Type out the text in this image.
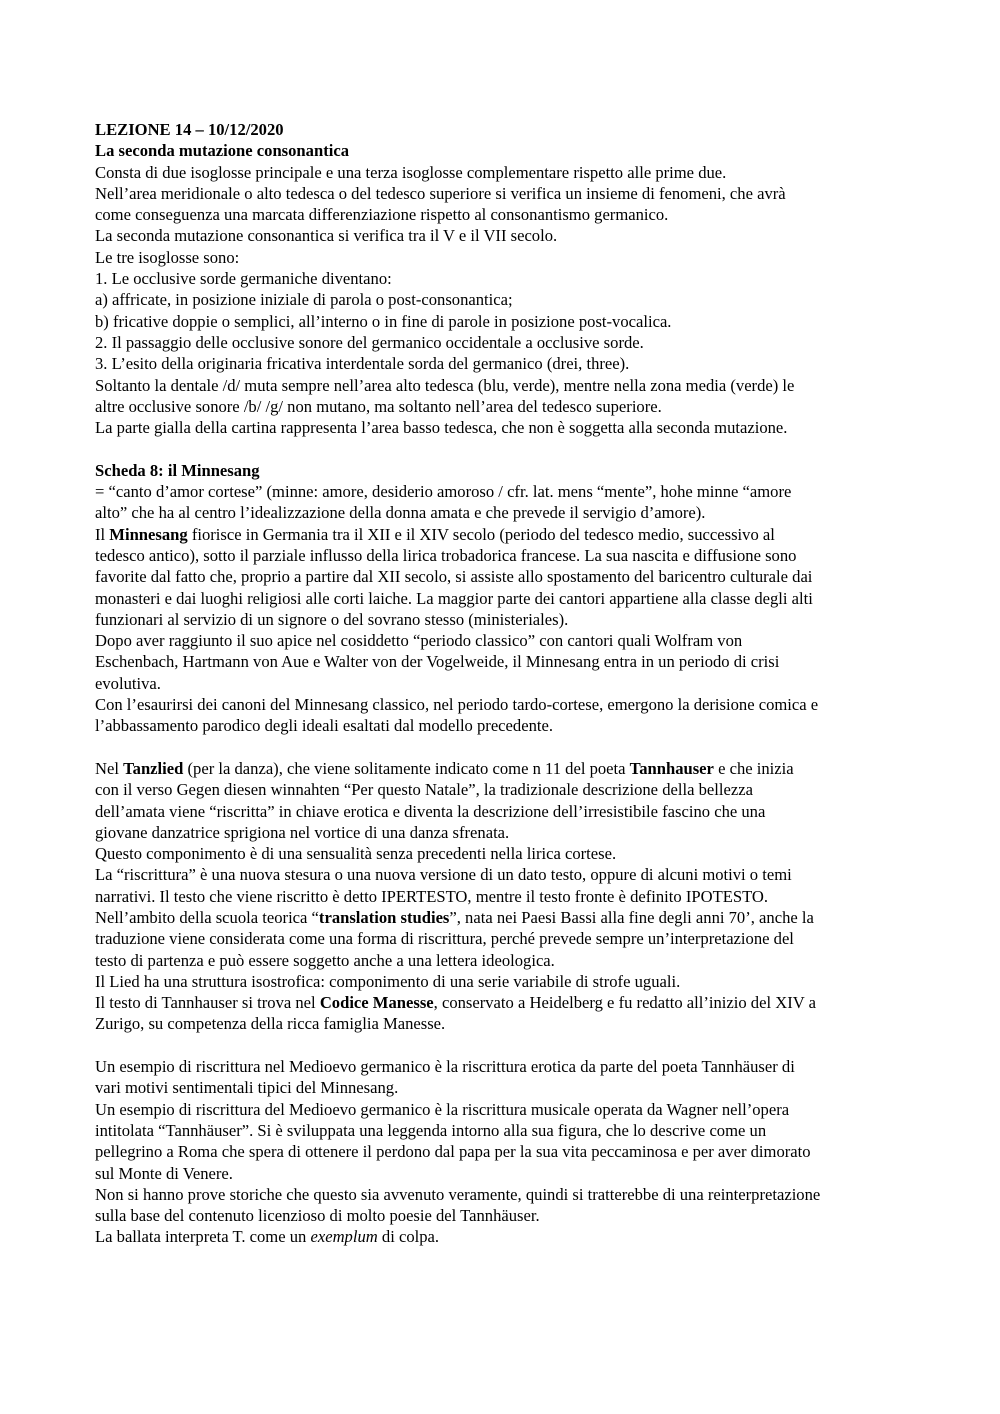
LEZIONE 14 – 10/12/2020
La seconda mutazione consonantica
Consta di due isoglosse principale e una terza isoglosse complementare rispetto alle prime due.
Nell’area meridionale o alto tedesca o del tedesco superiore si verifica un insieme di fenomeni, che avrà
come conseguenza una marcata differenziazione rispetto al consonantismo germanico.
La seconda mutazione consonantica si verifica tra il V e il VII secolo.
Le tre isoglosse sono:
1. Le occlusive sorde germaniche diventano:
a) affricate, in posizione iniziale di parola o post-consonantica;
b) fricative doppie o semplici, all’interno o in fine di parole in posizione post-vocalica.
2. Il passaggio delle occlusive sonore del germanico occidentale a occlusive sorde.
3. L’esito della originaria fricativa interdentale sorda del germanico (drei, three).
Soltanto la dentale /d/ muta sempre nell’area alto tedesca (blu, verde), mentre nella zona media (verde) le
altre occlusive sonore /b/ /g/ non mutano, ma soltanto nell’area del tedesco superiore.
La parte gialla della cartina rappresenta l’area basso tedesca, che non è soggetta alla seconda mutazione.
Scheda 8: il Minnesang
= “canto d’amor cortese” (minne: amore, desiderio amoroso / cfr. lat. mens “mente”, hohe minne “amore
alto” che ha al centro l’idealizzazione della donna amata e che prevede il servigio d’amore).
Il Minnesang fiorisce in Germania tra il XII e il XIV secolo (periodo del tedesco medio, successivo al
tedesco antico), sotto il parziale influsso della lirica trobadorica francese. La sua nascita e diffusione sono
favorite dal fatto che, proprio a partire dal XII secolo, si assiste allo spostamento del baricentro culturale dai
monasteri e dai luoghi religiosi alle corti laiche. La maggior parte dei cantori appartiene alla classe degli alti
funzionari al servizio di un signore o del sovrano stesso (ministeriales).
Dopo aver raggiunto il suo apice nel cosiddetto “periodo classico” con cantori quali Wolfram von
Eschenbach, Hartmann von Aue e Walter von der Vogelweide, il Minnesang entra in un periodo di crisi
evolutiva.
Con l’esaurirsi dei canoni del Minnesang classico, nel periodo tardo-cortese, emergono la derisione comica e
l’abbassamento parodico degli ideali esaltati dal modello precedente.
Nel Tanzlied (per la danza), che viene solitamente indicato come n 11 del poeta Tannhauser e che inizia
con il verso Gegen diesen winnahten “Per questo Natale”, la tradizionale descrizione della bellezza
dell’amata viene “riscritta” in chiave erotica e diventa la descrizione dell’irresistibile fascino che una
giovane danzatrice sprigiona nel vortice di una danza sfrenata.
Questo componimento è di una sensualità senza precedenti nella lirica cortese.
La “riscrittura” è una nuova stesura o una nuova versione di un dato testo, oppure di alcuni motivi o temi
narrativi. Il testo che viene riscritto è detto IPERTESTO, mentre il testo fronte è definito IPOTESTO.
Nell’ambito della scuola teorica “translation studies”, nata nei Paesi Bassi alla fine degli anni 70’, anche la
traduzione viene considerata come una forma di riscrittura, perché prevede sempre un’interpretazione del
testo di partenza e può essere soggetto anche a una lettera ideologica.
Il Lied ha una struttura isostrofica: componimento di una serie variabile di strofe uguali.
Il testo di Tannhauser si trova nel Codice Manesse, conservato a Heidelberg e fu redatto all’inizio del XIV a
Zurigo, su competenza della ricca famiglia Manesse.
Un esempio di riscrittura nel Medioevo germanico è la riscrittura erotica da parte del poeta Tannhäuser di
vari motivi sentimentali tipici del Minnesang.
Un esempio di riscrittura del Medioevo germanico è la riscrittura musicale operata da Wagner nell’opera
intitolata “Tannhäuser”. Si è sviluppata una leggenda intorno alla sua figura, che lo descrive come un
pellegrino a Roma che spera di ottenere il perdono dal papa per la sua vita peccaminosa e per aver dimorato
sul Monte di Venere.
Non si hanno prove storiche che questo sia avvenuto veramente, quindi si tratterebbe di una reinterpretazione
sulla base del contenuto licenzioso di molto poesie del Tannhäuser.
La ballata interpreta T. come un exemplum di colpa.
